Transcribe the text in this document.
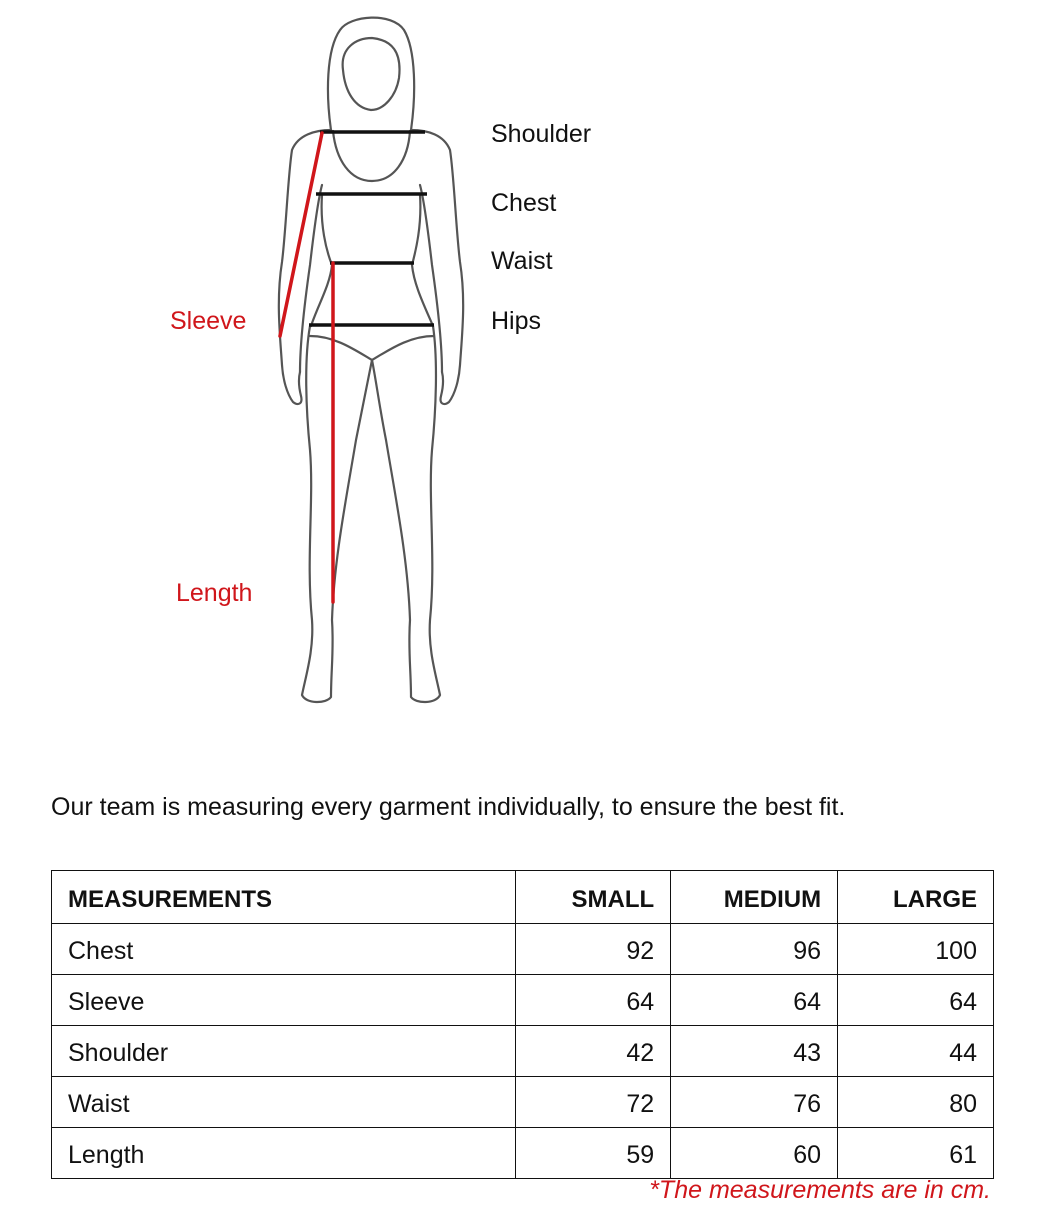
Shoulder
Chest
Waist
Hips
Sleeve
Length
Our team is measuring every garment individually, to ensure the best fit.
MEASUREMENTS	SMALL	MEDIUM	LARGE
Chest	92	96	100
Sleeve	64	64	64
Shoulder	42	43	44
Waist	72	76	80
Length	59	60	61
*The measurements are in cm.
